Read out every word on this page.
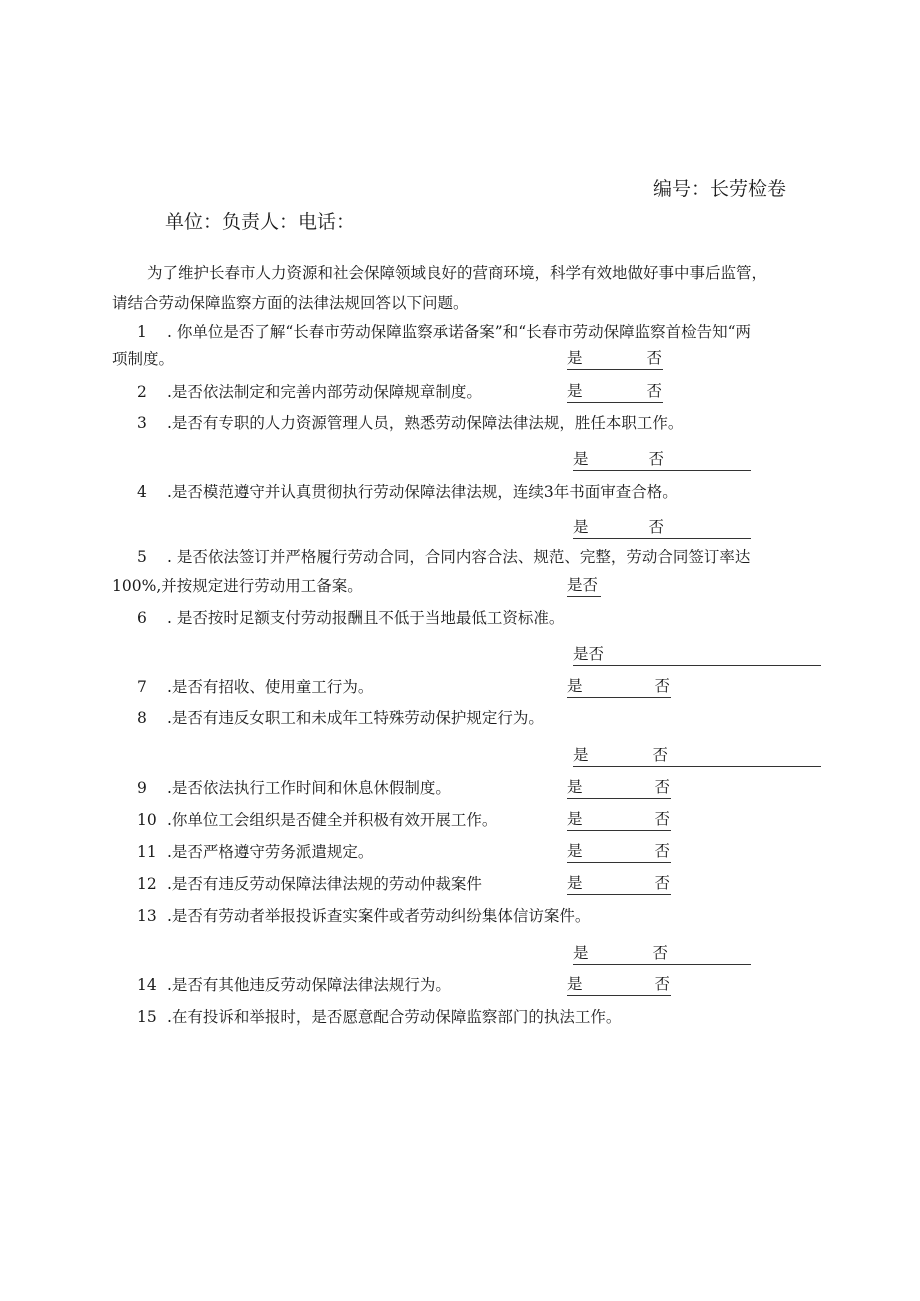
编号：长劳检卷
单位：负责人：电话：
为了维护长春市人力资源和社会保障领域良好的营商环境，科学有效地做好事中事后监管，
请结合劳动保障监察方面的法律法规回答以下问题。
1 . 你单位是否了解“长春市劳动保障监察承诺备案”和“长春市劳动保障监察首检告知“两
项制度。	是	否
2 .是否依法制定和完善内部劳动保障规章制度。	是	否
3 .是否有专职的人力资源管理人员，熟悉劳动保障法律法规，胜任本职工作。
是	否
4 .是否模范遵守并认真贯彻执行劳动保障法律法规，连续3年书面审查合格。
是	否
5 . 是否依法签订并严格履行劳动合同，合同内容合法、规范、完整，劳动合同签订率达
100%,并按规定进行劳动用工备案。	是否
6 . 是否按时足额支付劳动报酬且不低于当地最低工资标准。
是否
7 .是否有招收、使用童工行为。	是	否
8 .是否有违反女职工和未成年工特殊劳动保护规定行为。
是	否
9 .是否依法执行工作时间和休息休假制度。	是	否
10 .你单位工会组织是否健全并积极有效开展工作。	是	否
11 .是否严格遵守劳务派遣规定。	是	否
12 .是否有违反劳动保障法律法规的劳动仲裁案件	是	否
13 .是否有劳动者举报投诉查实案件或者劳动纠纷集体信访案件。
是	否
14 .是否有其他违反劳动保障法律法规行为。	是	否
15 .在有投诉和举报时，是否愿意配合劳动保障监察部门的执法工作。
